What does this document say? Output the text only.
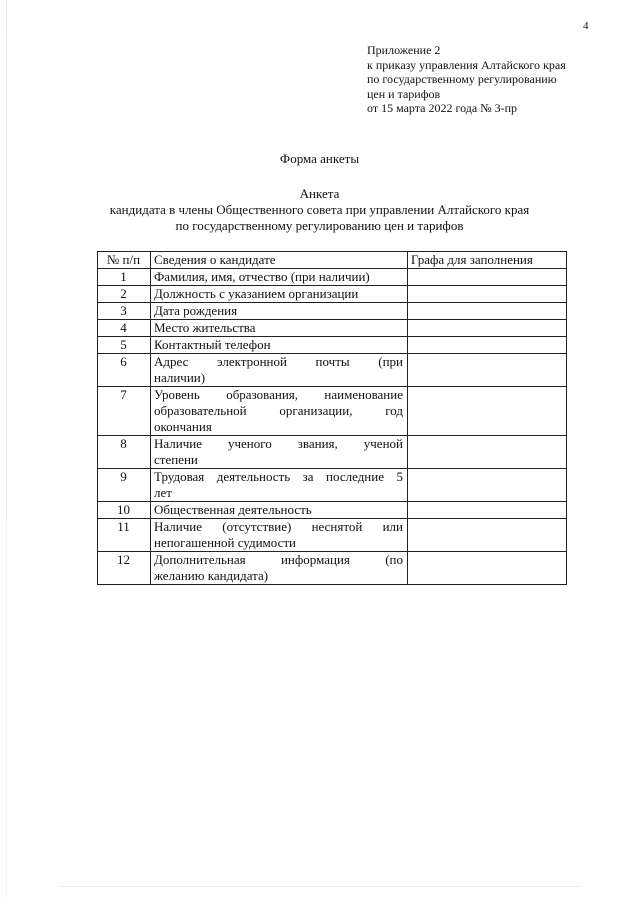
4
Приложение 2
к приказу управления Алтайского края
по государственному регулированию
цен и тарифов
от 15 марта 2022 года № 3-пр
Форма анкеты
Анкета
кандидата в члены Общественного совета при управлении Алтайского края
по государственному регулированию цен и тарифов
№ п/п	Сведения о кандидате	Графа для заполнения
1	Фамилия, имя, отчество (при наличии)	

2	Должность с указанием организации	

3	Дата рождения	

4	Место жительства	

5	Контактный телефон	

6	Адрес электронной почты (при
наличии)	

7	Уровень образования, наименование
образовательной организации, год
окончания	

8	Наличие ученого звания, ученой
степени	

9	Трудовая деятельность за последние 5
лет	

10	Общественная деятельность	

11	Наличие (отсутствие) неснятой или
непогашенной судимости	

12	Дополнительная информация (по
желанию кандидата)	
